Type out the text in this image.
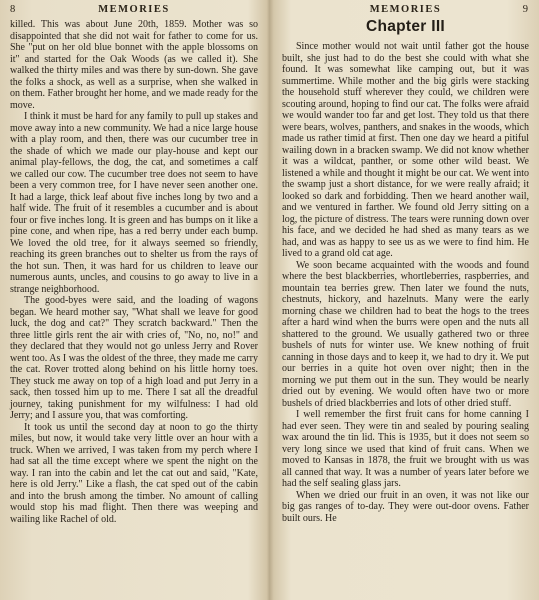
8	MEMORIES

killed. This was about June 20th, 1859. Mother was so disappointed that she did not wait for father to come for us. She "put on her old blue bonnet with the apple blossoms on it" and started for the Oak Woods (as we called it). She walked the thirty miles and was there by sun-down. She gave the folks a shock, as well as a surprise, when she walked in on them. Father brought her home, and we made ready for the move.

I think it must be hard for any family to pull up stakes and move away into a new community. We had a nice large house with a play room, and then, there was our cucumber tree in the shade of which we made our play-house and kept our animal play-fellows, the dog, the cat, and sometimes a calf we called our cow. The cucumber tree does not seem to have been a very common tree, for I have never seen another one. It had a large, thick leaf about five inches long by two and a half wide. The fruit of it resembles a cucumber and is about four or five inches long. It is green and has bumps on it like a pine cone, and when ripe, has a red berry under each bump. We loved the old tree, for it always seemed so friendly, reaching its green branches out to shelter us from the rays of the hot sun. Then, it was hard for us children to leave our numerous aunts, uncles, and cousins to go away to live in a strange neighborhood.

The good-byes were said, and the loading of wagons began. We heard mother say, "What shall we leave for good luck, the dog and cat?" They scratch backward." Then the three little girls rent the air with cries of, "No, no, no!" and they declared that they would not go unless Jerry and Rover went too. As I was the oldest of the three, they made me carry the cat. Rover trotted along behind on his little horny toes. They stuck me away on top of a high load and put Jerry in a sack, then tossed him up to me. There I sat all the dreadful journey, taking punishment for my wilfulness: I had old Jerry; and I assure you, that was comforting.

It took us until the second day at noon to go the thirty miles, but now, it would take very little over an hour with a truck. When we arrived, I was taken from my perch where I had sat all the time except where we spent the night on the way. I ran into the cabin and let the cat out and said, "Kate, here is old Jerry." Like a flash, the cat sped out of the cabin and into the brush among the timber. No amount of calling would stop his mad flight. Then there was weeping and wailing like Rachel of old.

9
MEMORIES
Chapter III

Since mother would not wait until father got the house built, she just had to do the best she could with what she found. It was somewhat like camping out, but it was summertime. While mother and the big girls were stacking the household stuff wherever they could, we children were scouting around, hoping to find our cat. The folks were afraid we would wander too far and get lost. They told us that there were bears, wolves, panthers, and snakes in the woods, which made us rather timid at first. Then one day we heard a pitiful wailing down in a bracken swamp. We did not know whether it was a wildcat, panther, or some other wild beast. We listened a while and thought it might be our cat. We went into the swamp just a short distance, for we were really afraid; it looked so dark and forbidding. Then we heard another wail, and we ventured in farther. We found old Jerry sitting on a log, the picture of distress. The tears were running down over his face, and we decided he had shed as many tears as we had, and was as happy to see us as we were to find him. He lived to a grand old cat age.

We soon became acquainted with the woods and found where the best blackberries, whortleberries, raspberries, and mountain tea berries grew. Then later we found the nuts, chestnuts, hickory, and hazelnuts. Many were the early morning chase we children had to beat the hogs to the trees after a hard wind when the burrs were open and the nuts all shattered to the ground. We usually gathered two or three bushels of nuts for winter use. We knew nothing of fruit canning in those days and to keep it, we had to dry it. We put our berries in a quite hot oven over night; then in the morning we put them out in the sun. They would be nearly dried out by evening. We would often have two or more bushels of dried blackberries and lots of other dried stuff.

I well remember the first fruit cans for home canning I had ever seen. They were tin and sealed by pouring sealing wax around the tin lid. This is 1935, but it does not seem so very long since we used that kind of fruit cans. When we moved to Kansas in 1878, the fruit we brought with us was all canned that way. It was a number of years later before we had the self sealing glass jars.

When we dried our fruit in an oven, it was not like our big gas ranges of to-day. They were out-door ovens. Father built ours. He
